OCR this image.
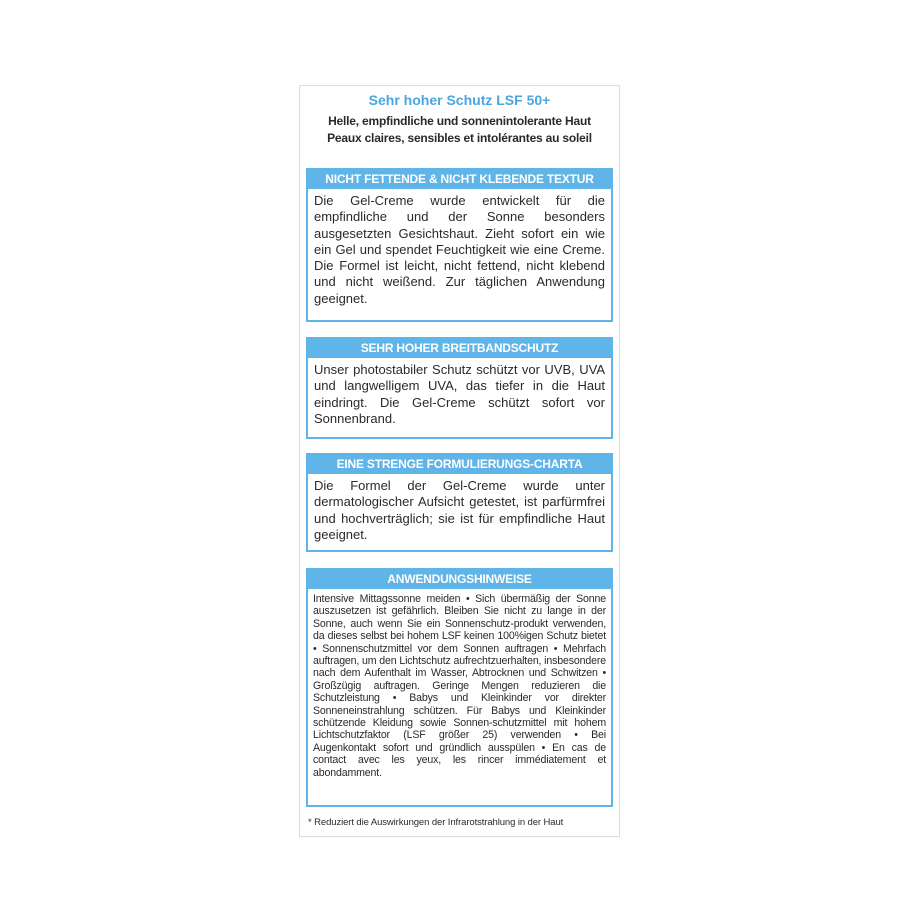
Sehr hoher Schutz LSF 50+
Helle, empfindliche und sonnenintolerante Haut
Peaux claires, sensibles et intolérantes au soleil
NICHT FETTENDE & NICHT KLEBENDE TEXTUR
Die Gel-Creme wurde entwickelt für die empfindliche und der Sonne besonders ausgesetzten Gesichtshaut. Zieht sofort ein wie ein Gel und spendet Feuchtigkeit wie eine Creme. Die Formel ist leicht, nicht fettend, nicht klebend und nicht weißend. Zur täglichen Anwendung geeignet.
SEHR HOHER BREITBANDSCHUTZ
Unser photostabiler Schutz schützt vor UVB, UVA und langwelligem UVA, das tiefer in die Haut eindringt. Die Gel-Creme schützt sofort vor Sonnenbrand.
EINE STRENGE FORMULIERUNGS-CHARTA
Die Formel der Gel-Creme wurde unter dermatologischer Aufsicht getestet, ist parfürmfrei und hochverträglich; sie ist für empfindliche Haut geeignet.
ANWENDUNGSHINWEISE
Intensive Mittagssonne meiden • Sich übermäßig der Sonne auszusetzen ist gefährlich. Bleiben Sie nicht zu lange in der Sonne, auch wenn Sie ein Sonnenschutz-produkt verwenden, da dieses selbst bei hohem LSF keinen 100%igen Schutz bietet • Sonnenschutzmittel vor dem Sonnen auftragen • Mehrfach auftragen, um den Lichtschutz aufrechtzuerhalten, insbesondere nach dem Aufenthalt im Wasser, Abtrocknen und Schwitzen • Großzügig auftragen. Geringe Mengen reduzieren die Schutzleistung • Babys und Kleinkinder vor direkter Sonneneinstrahlung schützen. Für Babys und Kleinkinder schützende Kleidung sowie Sonnen-schutzmittel mit hohem Lichtschutzfaktor (LSF größer 25) verwenden • Bei Augenkontakt sofort und gründlich ausspülen • En cas de contact avec les yeux, les rincer immédiatement et abondamment.
* Reduziert die Auswirkungen der Infrarotstrahlung in der Haut
